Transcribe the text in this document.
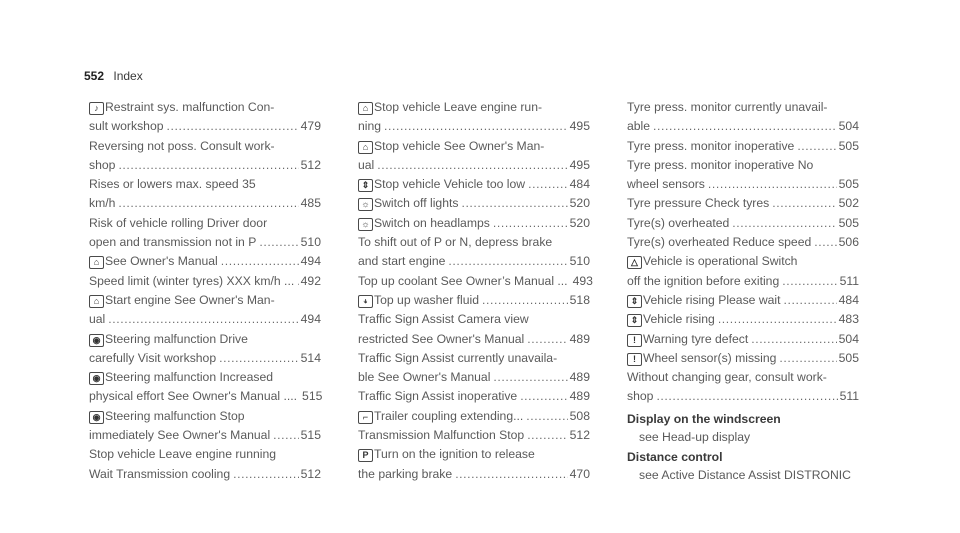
552 Index
♪ Restraint sys. malfunction Con-
sult workshop .....	479
Reversing not poss. Consult work-
shop .....	512
Rises or lowers max. speed 35
km/h .....	485
Risk of vehicle rolling Driver door
open and transmission not in P .....	510
⌂ See Owner's Manual .....	494
Speed limit (winter tyres) XXX km/h ... ..... 492
⌂ Start engine See Owner's Man-
ual .....	494
◉ Steering malfunction Drive
carefully Visit workshop .....	514
◉ Steering malfunction Increased
physical effort See Owner's Manual .... 515
◉ Steering malfunction Stop
immediately See Owner's Manual .....	515
Stop vehicle Leave engine running
Wait Transmission cooling .....	512
⌂ Stop vehicle Leave engine run-
ning .....	495
⌂ Stop vehicle See Owner's Man-
ual .....	495
⇕ Stop vehicle Vehicle too low .....	484
☼ Switch off lights .....	520
☼ Switch on headlamps .....	520
To shift out of P or N, depress brake
and start engine .....	510
Top up coolant See Owner’s Manual ... 493
⍖ Top up washer fluid .....	518
Traffic Sign Assist Camera view
restricted See Owner's Manual .....	489
Traffic Sign Assist currently unavaila-
ble See Owner's Manual .....	489
Traffic Sign Assist inoperative .....	489
⌐ Trailer coupling extending... .....	508
Transmission Malfunction Stop .....	512
P Turn on the ignition to release
the parking brake .....	470
Tyre press. monitor currently unavail-
able .....	504
Tyre press. monitor inoperative .....	505
Tyre press. monitor inoperative No
wheel sensors .....	505
Tyre pressure Check tyres .....	502
Tyre(s) overheated .....	505
Tyre(s) overheated Reduce speed ..... 506
△ Vehicle is operational Switch
off the ignition before exiting .....	511
⇕ Vehicle rising Please wait .....	484
⇕ Vehicle rising .....	483
! Warning tyre defect .....	504
! Wheel sensor(s) missing .....	505
Without changing gear, consult work-
shop .....	511
Display on the windscreen
see Head-up display
Distance control
see Active Distance Assist DISTRONIC
